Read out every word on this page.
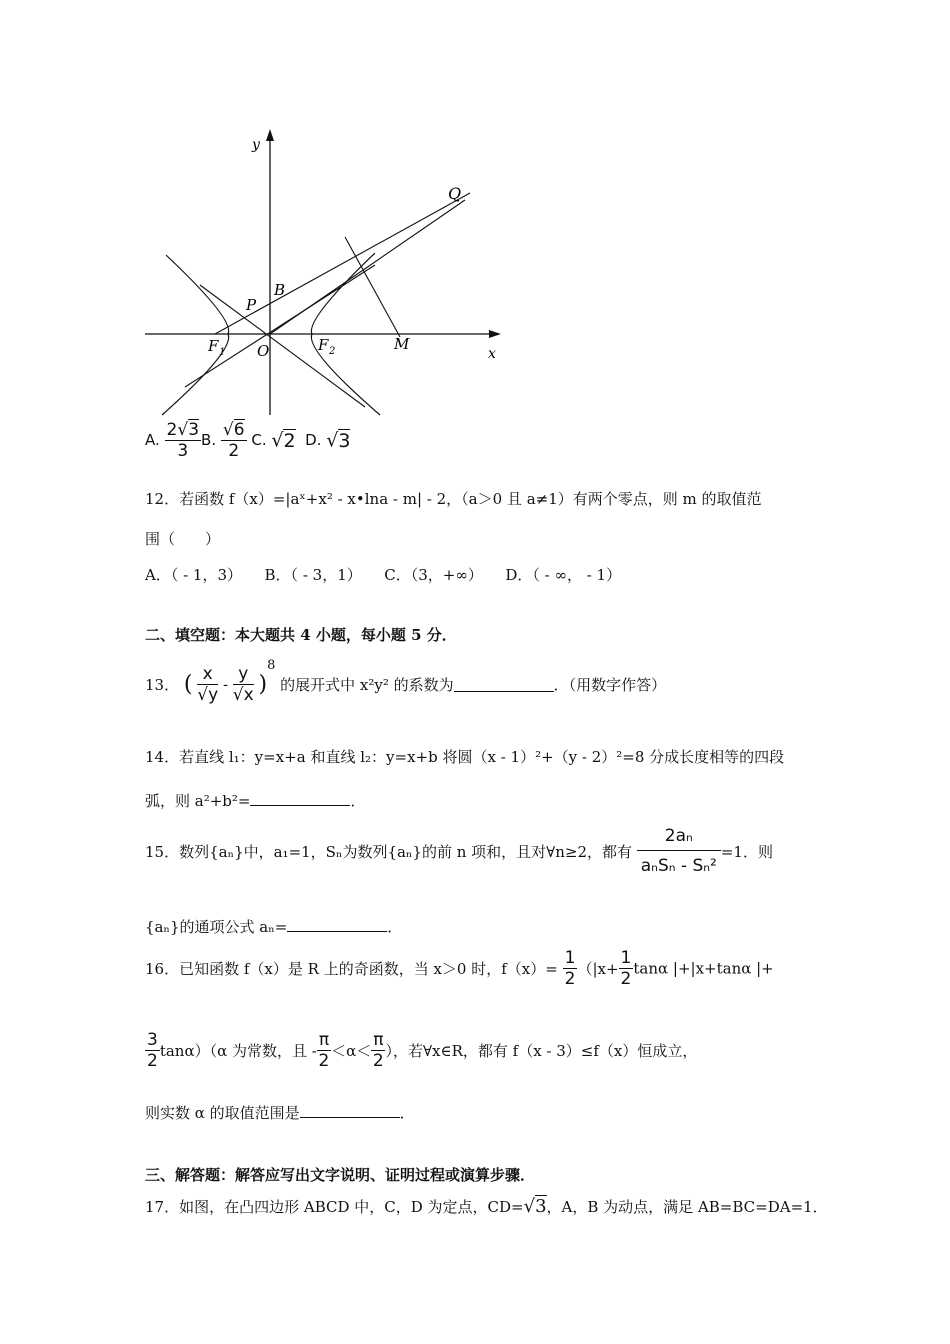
y
x
Q
B
P
F 1 O	F 2	M
A. $\frac{2√3}{3} B$. $\frac{√6}{2} C$. √2 D. √3
12．若函数 f（x）=|aˣ+x² - x•lna - m| - 2，（a＞0 且 a≠1）有两个零点，则 m 的取值范
围（　　）
A．（ - 1，3）　　B．（ - 3，1）　　C．（3，+∞）　　D．（ - ∞， - 1）
二、填空题：本大题共 4 小题，每小题 5 分．
13． ( $\frac{x}{√y} - \frac{y}{√x} )^8$ 的展开式中 x²y² 的系数为	．（用数字作答）
14．若直线 l₁：y=x+a 和直线 l₂：y=x+b 将圆（x - 1）²+（y - 2）²=8 分成长度相等的四段
弧，则 a²+b²=	．
15．数列{aₙ}中，a₁=1，Sₙ为数列{aₙ}的前 n 项和，且对∀n≥2，都有 $\frac{\text{2aₙ}}{\text{aₙSₙ - Sₙ²}} =1$．则
{aₙ}的通项公式 aₙ=	．
16．已知函数 f（x）是 R 上的奇函数，当 x＞0 时，$f(x)= \frac{1}{2} (|x+ \frac{1}{2}$ tanα |+|x+tanα |+
$\frac{3}{2} \tan\alpha)(\alpha$ 为常数，且 - $\frac{\pi}{2} <\alpha< \frac{\pi}{2}$ ），若∀x∈R，都有 f（x - 3）≤f（x）恒成立，
则实数 α 的取值范围是	．
三、解答题：解答应写出文字说明、证明过程或演算步骤．
17．如图，在凸四边形 ABCD 中，C，D 为定点，CD=√3，A，B 为动点，满足 AB=BC=DA=1．
